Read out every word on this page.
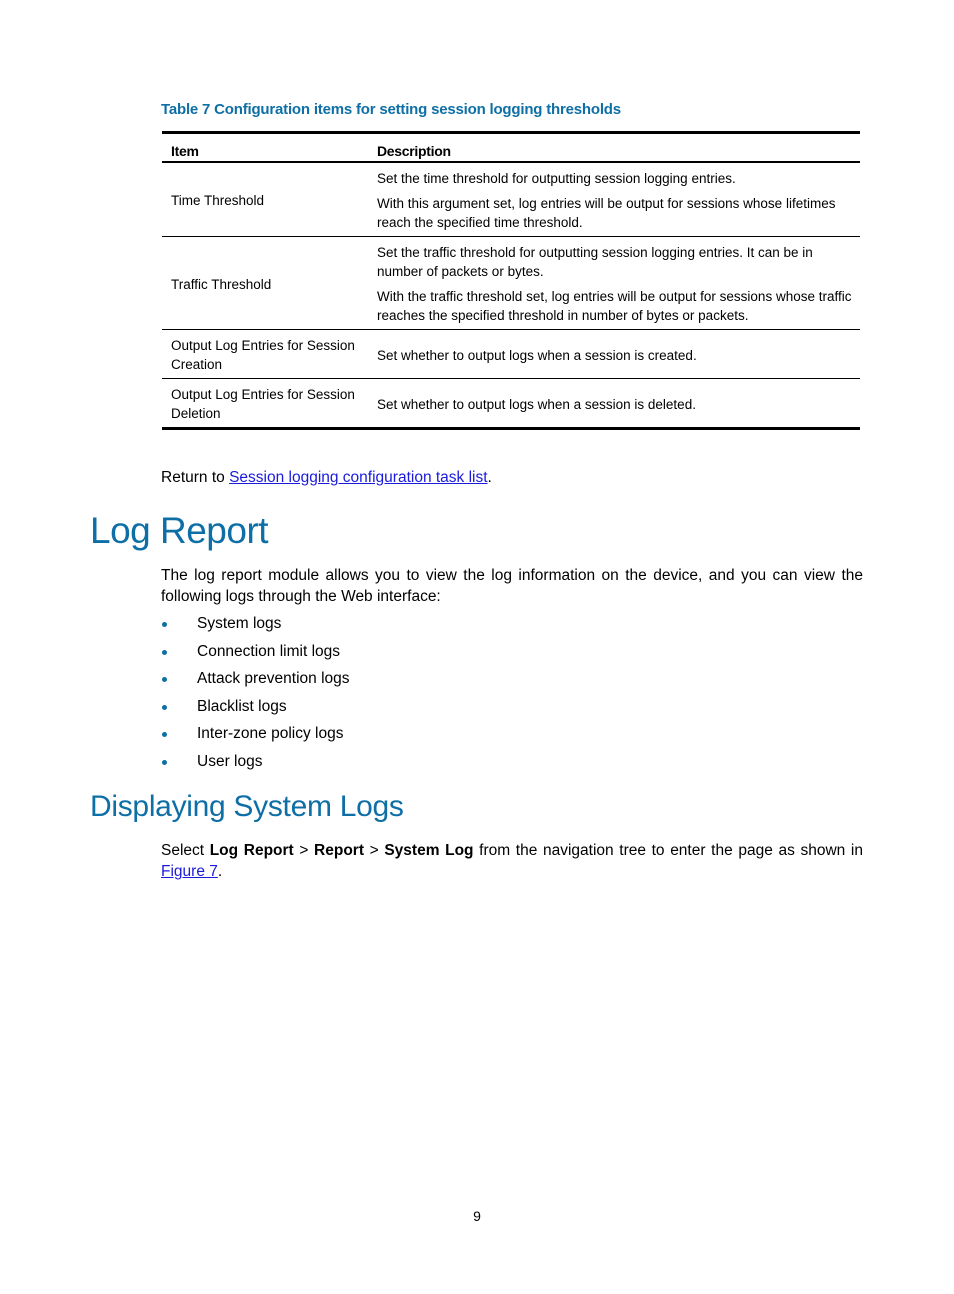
Table 7 Configuration items for setting session logging thresholds
Item	Description
Time Threshold	Set the time threshold for outputting session logging entries.

With this argument set, log entries will be output for sessions whose lifetimes reach the specified time threshold.

Traffic Threshold	Set the traffic threshold for outputting session logging entries. It can be in number of packets or bytes.

With the traffic threshold set, log entries will be output for sessions whose traffic reaches the specified threshold in number of bytes or packets.

Output Log Entries for Session Creation	Set whether to output logs when a session is created.

Output Log Entries for Session Deletion	Set whether to output logs when a session is deleted.

Return to Session logging configuration task list.
Log Report

The log report module allows you to view the log information on the device, and you can view the following logs through the Web interface:

System logs
Connection limit logs
Attack prevention logs
Blacklist logs
Inter-zone policy logs
User logs
Displaying System Logs

Select Log Report > Report > System Log from the navigation tree to enter the page as shown in Figure 7.

9
